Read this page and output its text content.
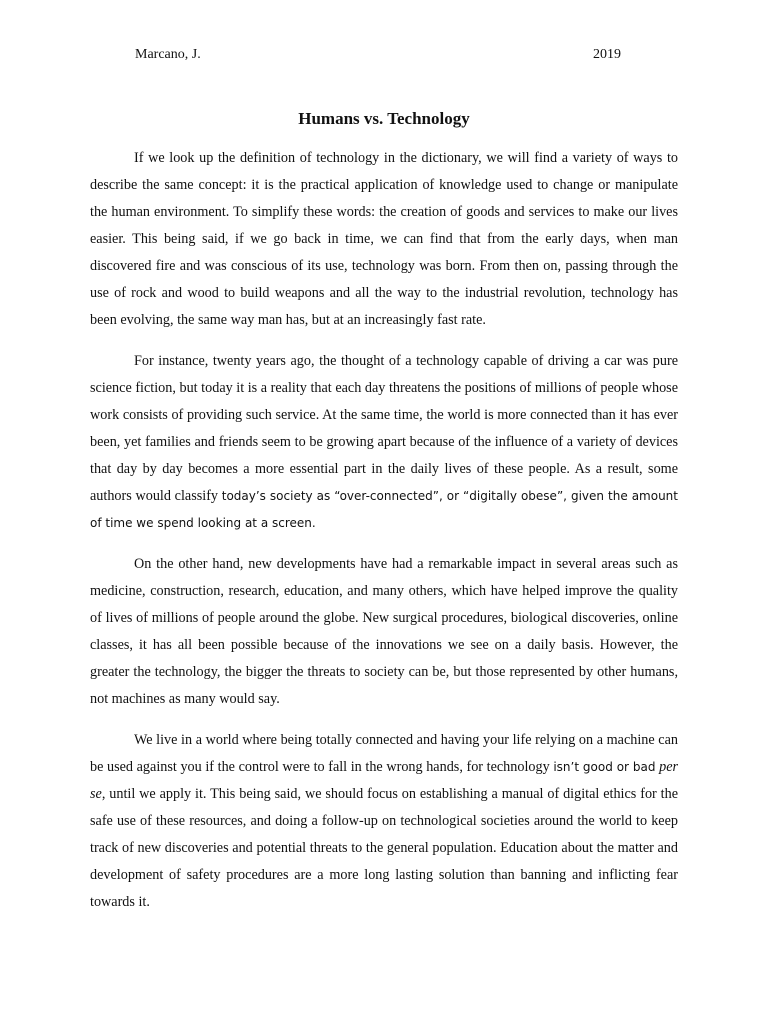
Marcano, J.	2019
Humans vs. Technology

If we look up the definition of technology in the dictionary, we will find a variety of ways to describe the same concept: it is the practical application of knowledge used to change or manipulate the human environment. To simplify these words: the creation of goods and services to make our lives easier. This being said, if we go back in time, we can find that from the early days, when man discovered fire and was conscious of its use, technology was born. From then on, passing through the use of rock and wood to build weapons and all the way to the industrial revolution, technology has been evolving, the same way man has, but at an increasingly fast rate.

For instance, twenty years ago, the thought of a technology capable of driving a car was pure science fiction, but today it is a reality that each day threatens the positions of millions of people whose work consists of providing such service. At the same time, the world is more connected than it has ever been, yet families and friends seem to be growing apart because of the influence of a variety of devices that day by day becomes a more essential part in the daily lives of these people. As a result, some authors would classify today’s society as “over-connected”, or “digitally obese”, given the amount of time we spend looking at a screen.

On the other hand, new developments have had a remarkable impact in several areas such as medicine, construction, research, education, and many others, which have helped improve the quality of lives of millions of people around the globe. New surgical procedures, biological discoveries, online classes, it has all been possible because of the innovations we see on a daily basis. However, the greater the technology, the bigger the threats to society can be, but those represented by other humans, not machines as many would say.

We live in a world where being totally connected and having your life relying on a machine can be used against you if the control were to fall in the wrong hands, for technology isn’t good or bad per se, until we apply it. This being said, we should focus on establishing a manual of digital ethics for the safe use of these resources, and doing a follow-up on technological societies around the world to keep track of new discoveries and potential threats to the general population. Education about the matter and development of safety procedures are a more long lasting solution than banning and inflicting fear towards it.
